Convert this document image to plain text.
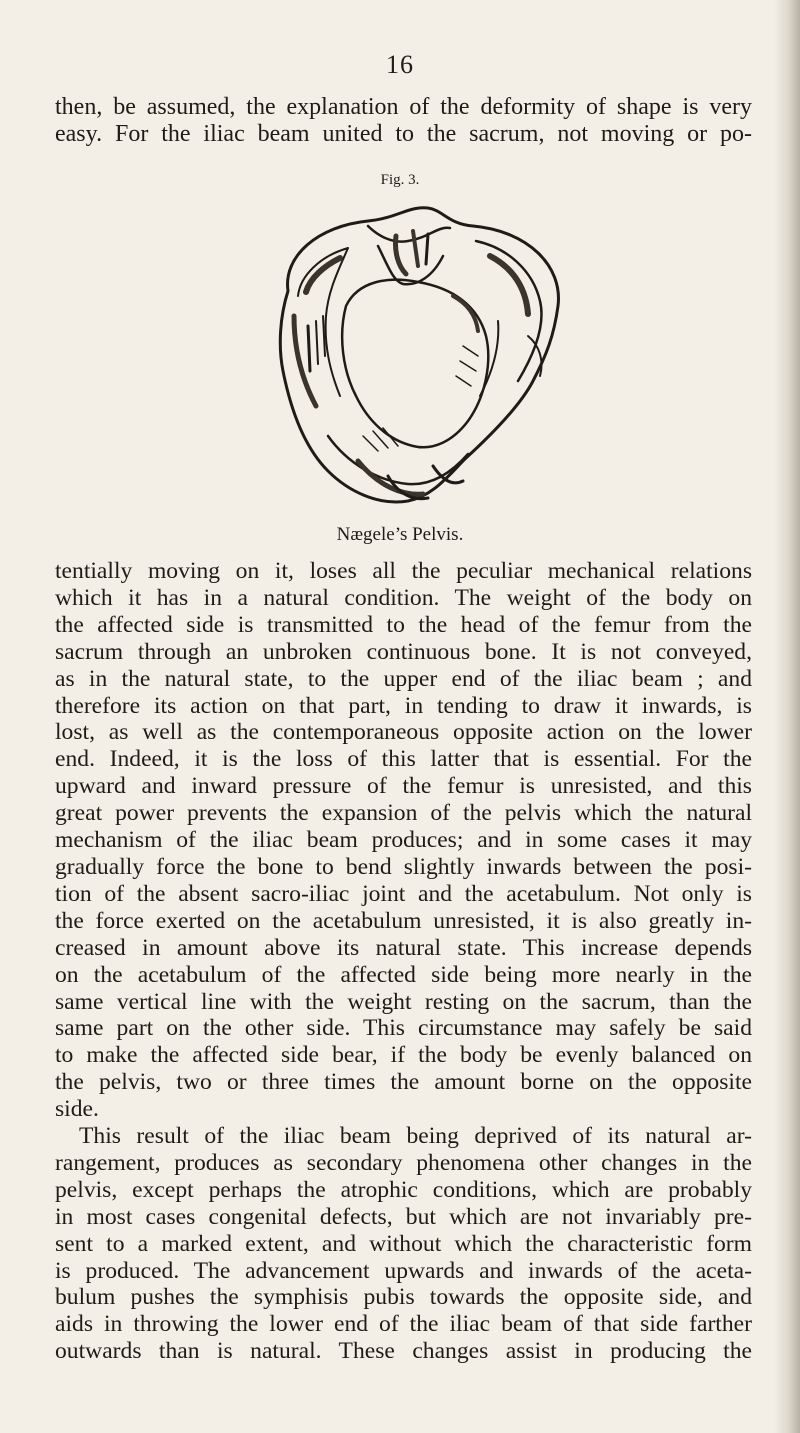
16
then, be assumed, the explanation of the deformity of shape is very
easy. For the iliac beam united to the sacrum, not moving or po-
Fig. 3.
Nægele’s Pelvis.
tentially moving on it, loses all the peculiar mechanical relations
which it has in a natural condition. The weight of the body on
the affected side is transmitted to the head of the femur from the
sacrum through an unbroken continuous bone. It is not conveyed,
as in the natural state, to the upper end of the iliac beam ; and
therefore its action on that part, in tending to draw it inwards, is
lost, as well as the contemporaneous opposite action on the lower
end. Indeed, it is the loss of this latter that is essential. For the
upward and inward pressure of the femur is unresisted, and this
great power prevents the expansion of the pelvis which the natural
mechanism of the iliac beam produces; and in some cases it may
gradually force the bone to bend slightly inwards between the posi-
tion of the absent sacro-iliac joint and the acetabulum. Not only is
the force exerted on the acetabulum unresisted, it is also greatly in-
creased in amount above its natural state. This increase depends
on the acetabulum of the affected side being more nearly in the
same vertical line with the weight resting on the sacrum, than the
same part on the other side. This circumstance may safely be said
to make the affected side bear, if the body be evenly balanced on
the pelvis, two or three times the amount borne on the opposite
side.
This result of the iliac beam being deprived of its natural ar-
rangement, produces as secondary phenomena other changes in the
pelvis, except perhaps the atrophic conditions, which are probably
in most cases congenital defects, but which are not invariably pre-
sent to a marked extent, and without which the characteristic form
is produced. The advancement upwards and inwards of the aceta-
bulum pushes the symphisis pubis towards the opposite side, and
aids in throwing the lower end of the iliac beam of that side farther
outwards than is natural. These changes assist in producing the
